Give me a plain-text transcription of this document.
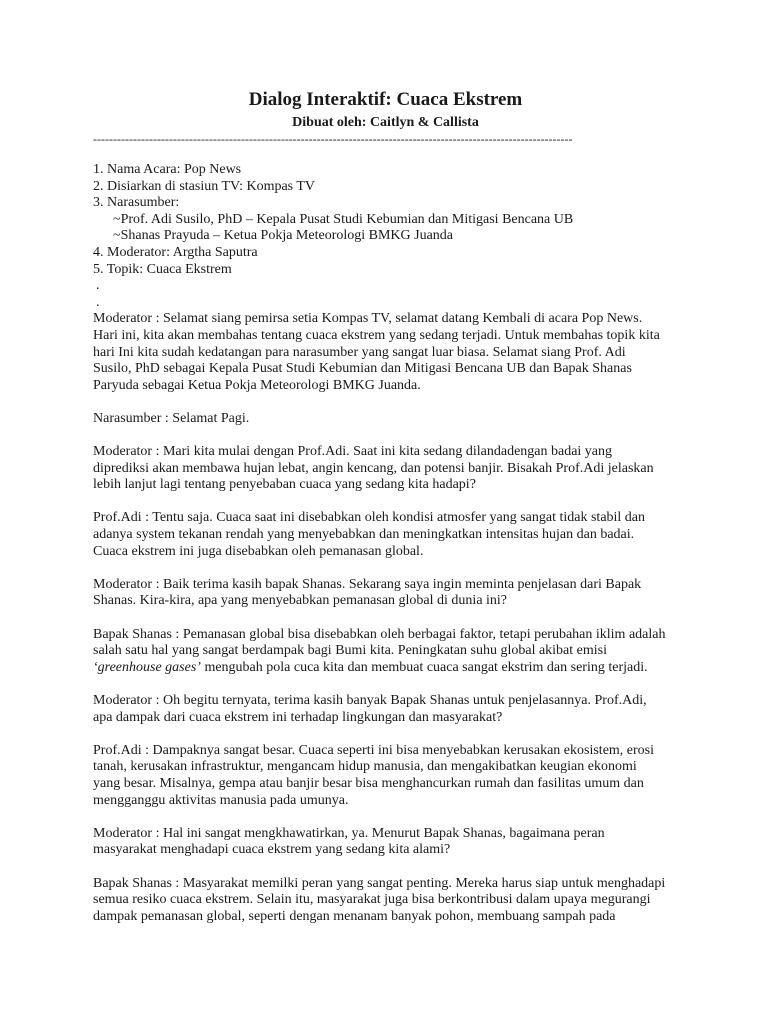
Dialog Interaktif: Cuaca Ekstrem
Dibuat oleh: Caitlyn & Callista
------------------------------------------------------------------------------------------------------------------------
1. Nama Acara: Pop News
2. Disiarkan di stasiun TV: Kompas TV
3. Narasumber:
~Prof. Adi Susilo, PhD – Kepala Pusat Studi Kebumian dan Mitigasi Bencana UB
~Shanas Prayuda – Ketua Pokja Meteorologi BMKG Juanda
4. Moderator: Argtha Saputra
5. Topik: Cuaca Ekstrem
.
.
Moderator : Selamat siang pemirsa setia Kompas TV, selamat datang Kembali di acara Pop News.
Hari ini, kita akan membahas tentang cuaca ekstrem yang sedang terjadi. Untuk membahas topik kita
hari Ini kita sudah kedatangan para narasumber yang sangat luar biasa. Selamat siang Prof. Adi
Susilo, PhD sebagai Kepala Pusat Studi Kebumian dan Mitigasi Bencana UB dan Bapak Shanas
Paryuda sebagai Ketua Pokja Meteorologi BMKG Juanda.
Narasumber : Selamat Pagi.
Moderator : Mari kita mulai dengan Prof.Adi. Saat ini kita sedang dilandadengan badai yang
diprediksi akan membawa hujan lebat, angin kencang, dan potensi banjir. Bisakah Prof.Adi jelaskan
lebih lanjut lagi tentang penyebaban cuaca yang sedang kita hadapi?
Prof.Adi : Tentu saja. Cuaca saat ini disebabkan oleh kondisi atmosfer yang sangat tidak stabil dan
adanya system tekanan rendah yang menyebabkan dan meningkatkan intensitas hujan dan badai.
Cuaca ekstrem ini juga disebabkan oleh pemanasan global.
Moderator : Baik terima kasih bapak Shanas. Sekarang saya ingin meminta penjelasan dari Bapak
Shanas. Kira-kira, apa yang menyebabkan pemanasan global di dunia ini?
Bapak Shanas : Pemanasan global bisa disebabkan oleh berbagai faktor, tetapi perubahan iklim adalah
salah satu hal yang sangat berdampak bagi Bumi kita. Peningkatan suhu global akibat emisi
‘greenhouse gases’ mengubah pola cuca kita dan membuat cuaca sangat ekstrim dan sering terjadi.
Moderator : Oh begitu ternyata, terima kasih banyak Bapak Shanas untuk penjelasannya. Prof.Adi,
apa dampak dari cuaca ekstrem ini terhadap lingkungan dan masyarakat?
Prof.Adi : Dampaknya sangat besar. Cuaca seperti ini bisa menyebabkan kerusakan ekosistem, erosi
tanah, kerusakan infrastruktur, mengancam hidup manusia, dan mengakibatkan keugian ekonomi
yang besar. Misalnya, gempa atau banjir besar bisa menghancurkan rumah dan fasilitas umum dan
mengganggu aktivitas manusia pada umunya.
Moderator : Hal ini sangat mengkhawatirkan, ya. Menurut Bapak Shanas, bagaimana peran
masyarakat menghadapi cuaca ekstrem yang sedang kita alami?
Bapak Shanas : Masyarakat memilki peran yang sangat penting. Mereka harus siap untuk menghadapi
semua resiko cuaca ekstrem. Selain itu, masyarakat juga bisa berkontribusi dalam upaya megurangi
dampak pemanasan global, seperti dengan menanam banyak pohon, membuang sampah pada
